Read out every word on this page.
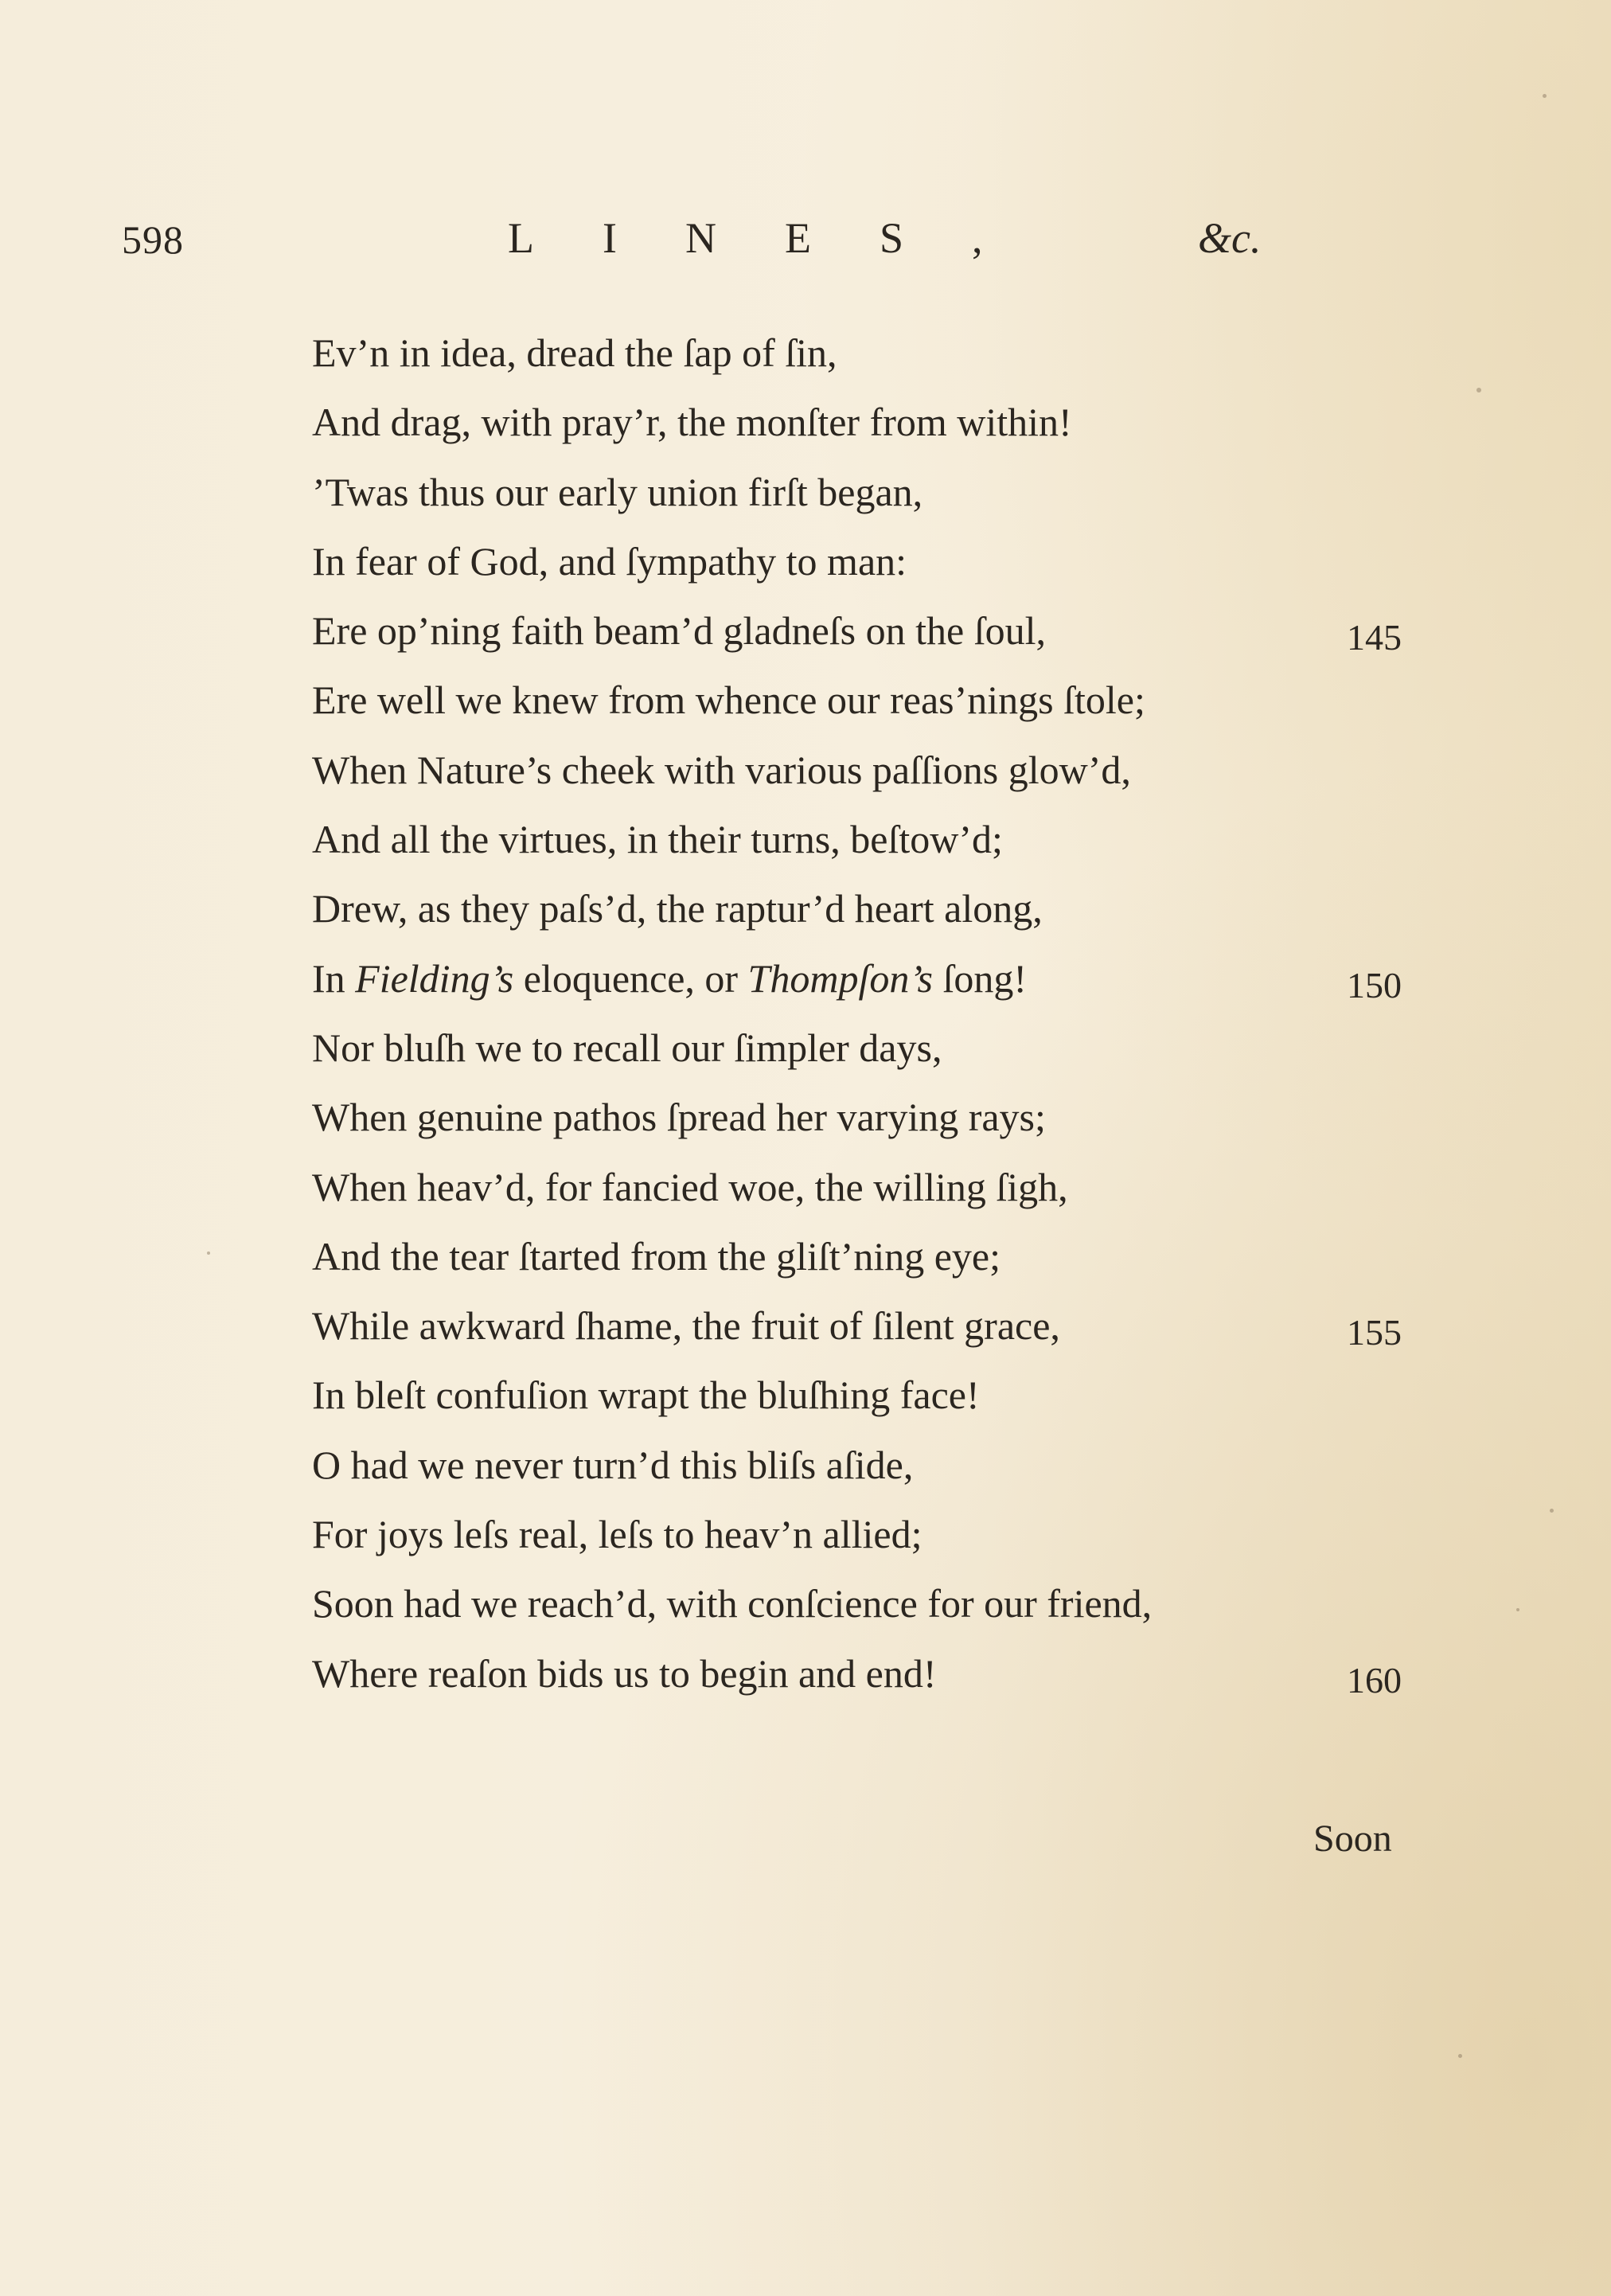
598	LINES,	&c.
Ev’n in idea, dread the ſap of ſin,
And drag, with pray’r, the monſter from within!
’Twas thus our early union firſt began,
In fear of God, and ſympathy to man:
Ere op’ning faith beam’d gladneſs on the ſoul,	145
Ere well we knew from whence our reas’nings ſtole;
When Nature’s cheek with various paſſions glow’d,
And all the virtues, in their turns, beſtow’d;
Drew, as they paſs’d, the raptur’d heart along,
In Fielding’s eloquence, or Thompſon’s ſong!	150
Nor bluſh we to recall our ſimpler days,
When genuine pathos ſpread her varying rays;
When heav’d, for fancied woe, the willing ſigh,
And the tear ſtarted from the gliſt’ning eye;
While awkward ſhame, the fruit of ſilent grace,	155
In bleſt confuſion wrapt the bluſhing face!
O had we never turn’d this bliſs aſide,
For joys leſs real, leſs to heav’n allied;
Soon had we reach’d, with conſcience for our friend,
Where reaſon bids us to begin and end!	160
Soon
